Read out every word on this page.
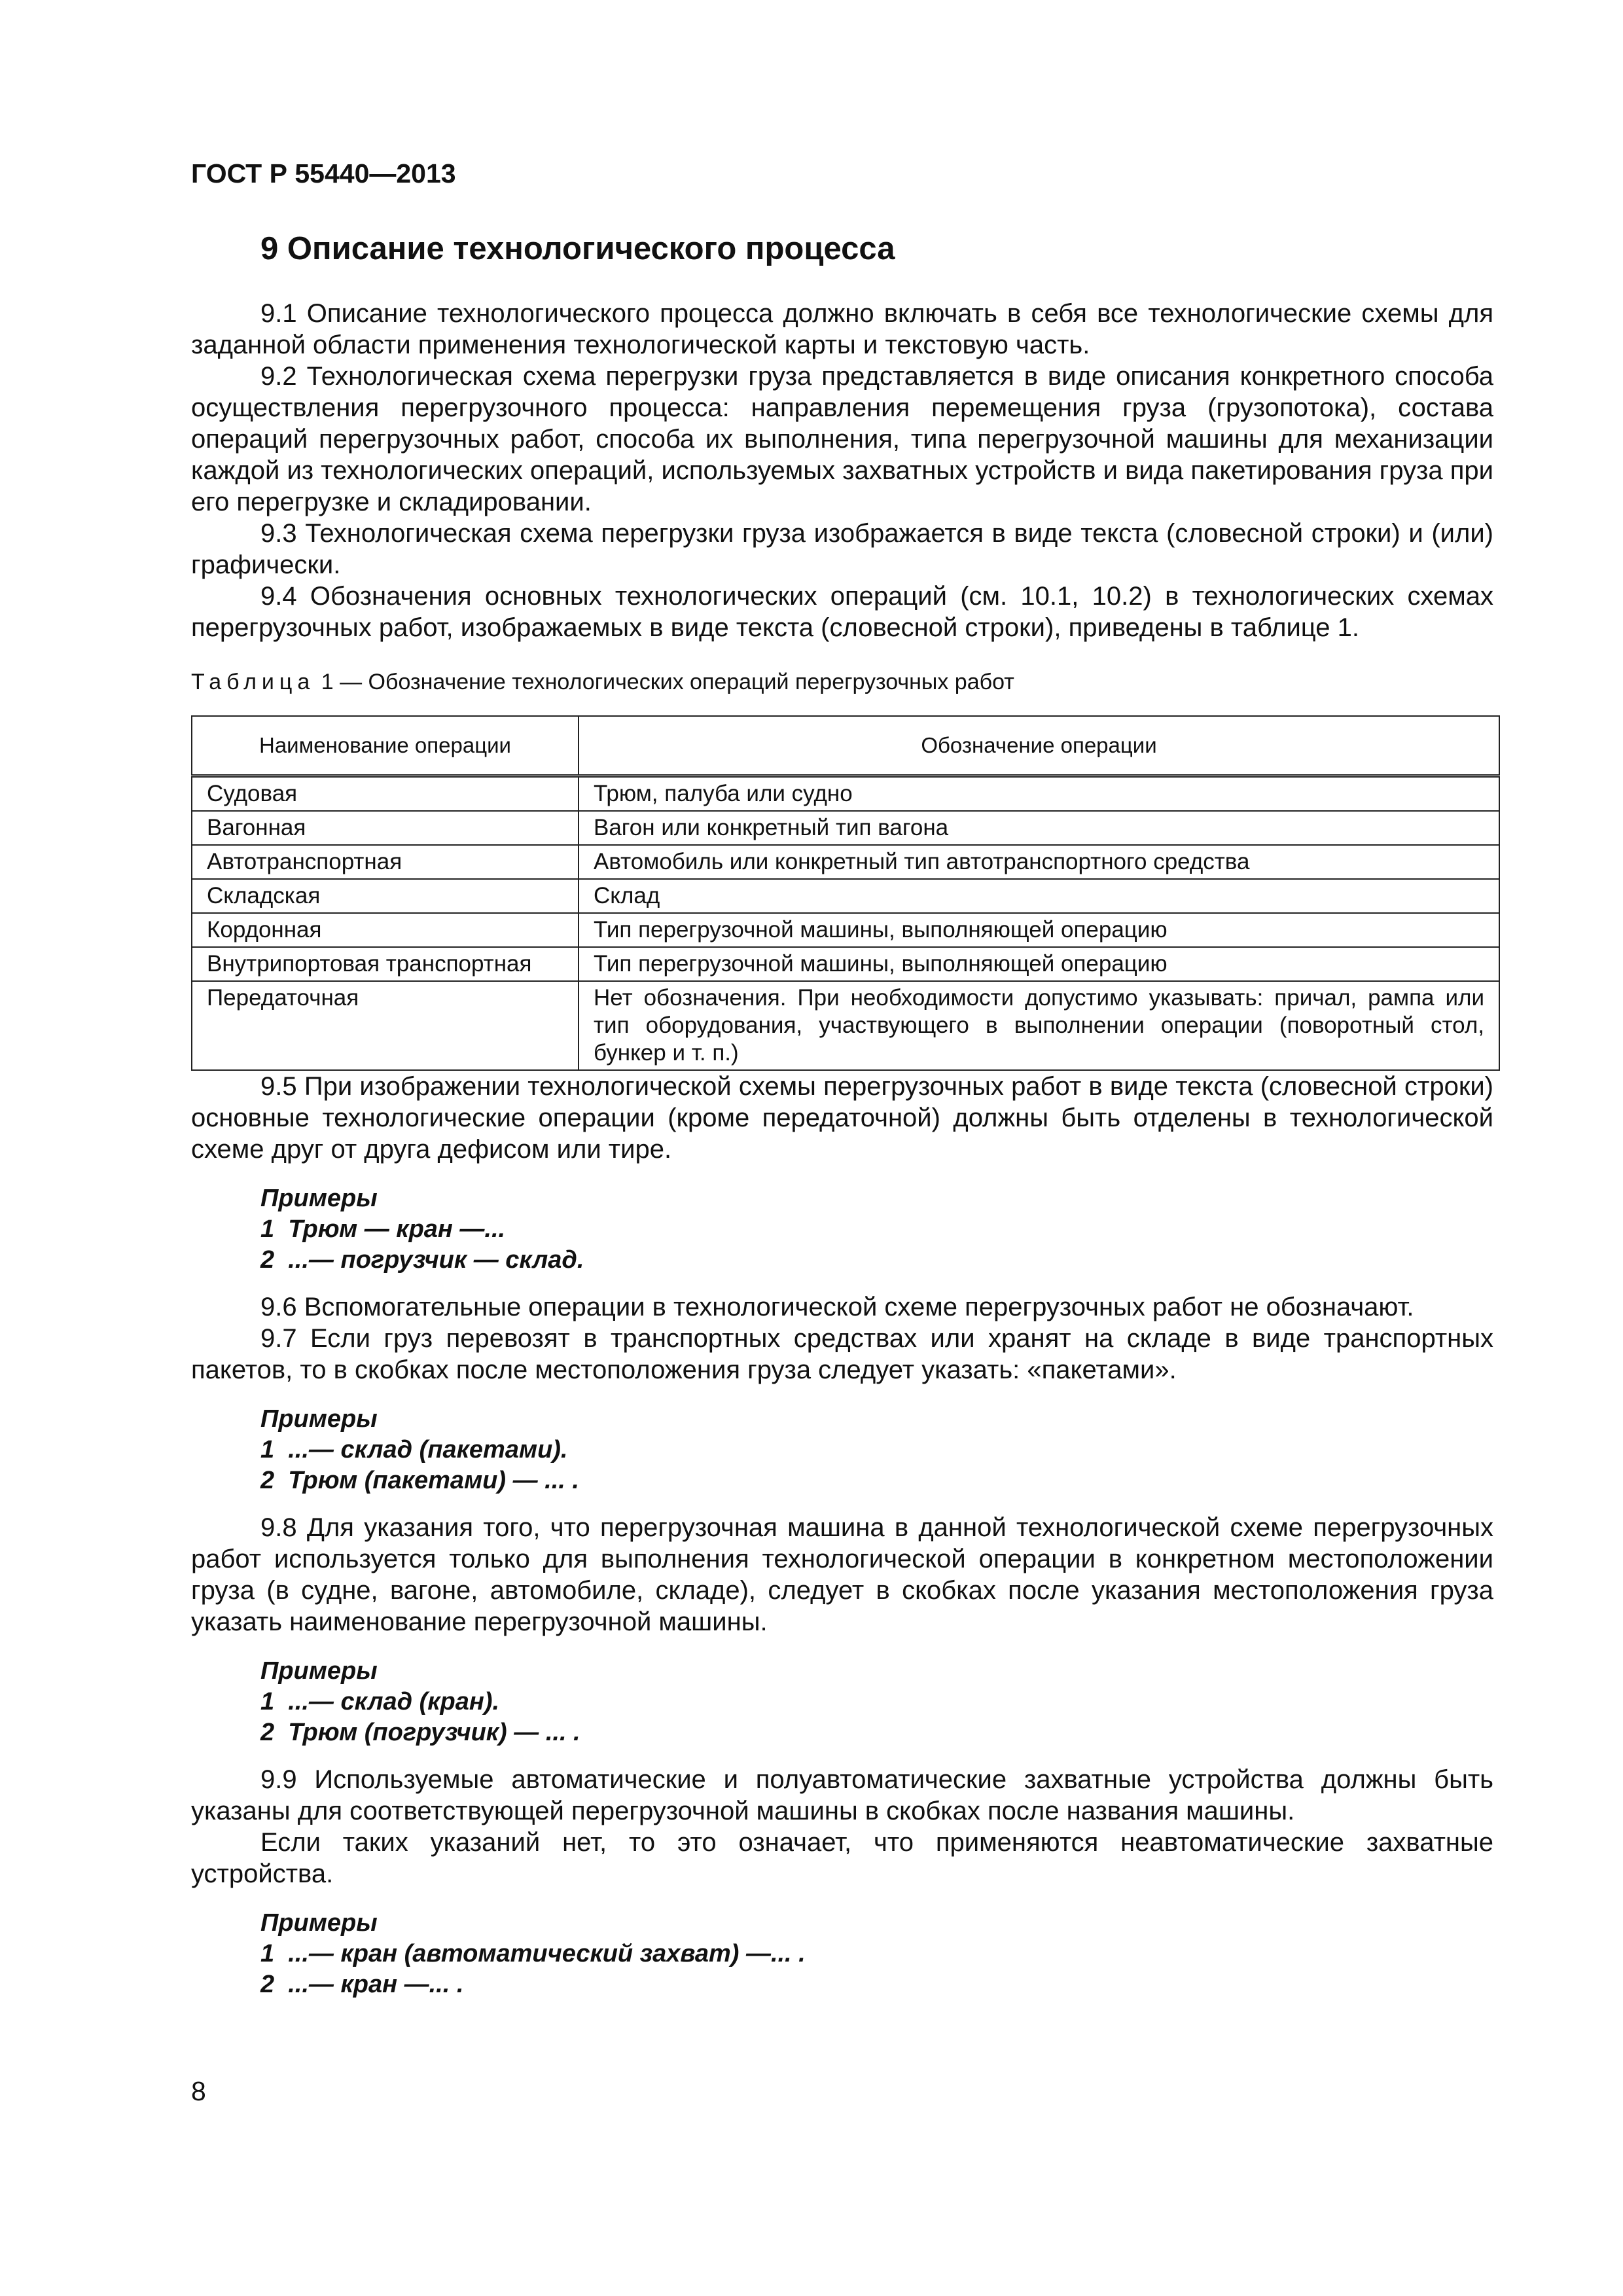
ГОСТ Р 55440—2013
9 Описание технологического процесса

9.1 Описание технологического процесса должно включать в себя все технологические схемы для заданной области применения технологической карты и текстовую часть.

9.2 Технологическая схема перегрузки груза представляется в виде описания конкретного способа осуществления перегрузочного процесса: направления перемещения груза (грузопотока), состава операций перегрузочных работ, способа их выполнения, типа перегрузочной машины для механизации каждой из технологических операций, используемых захватных устройств и вида пакетирования груза при его перегрузке и складировании.

9.3 Технологическая схема перегрузки груза изображается в виде текста (словесной строки) и (или) графически.

9.4 Обозначения основных технологических операций (см. 10.1, 10.2) в технологических схемах перегрузочных работ, изображаемых в виде текста (словесной строки), приведены в таблице 1.

Таблица 1 — Обозначение технологических операций перегрузочных работ
Наименование операции	Обозначение операции
Судовая	Трюм, палуба или судно
Вагонная	Вагон или конкретный тип вагона
Автотранспортная	Автомобиль или конкретный тип автотранспортного средства
Складская	Склад
Кордонная	Тип перегрузочной машины, выполняющей операцию
Внутрипортовая транспортная	Тип перегрузочной машины, выполняющей операцию
Передаточная	Нет обозначения. При необходимости допустимо указывать: причал, рампа или тип оборудования, участвующего в выполнении операции (поворотный стол, бункер и т. п.)

9.5 При изображении технологической схемы перегрузочных работ в виде текста (словесной строки) основные технологические операции (кроме передаточной) должны быть отделены в технологической схеме друг от друга дефисом или тире.

Примеры
1  Трюм — кран —...
2  ...— погрузчик — склад.

9.6 Вспомогательные операции в технологической схеме перегрузочных работ не обозначают.

9.7 Если груз перевозят в транспортных средствах или хранят на складе в виде транспортных пакетов, то в скобках после местоположения груза следует указать: «пакетами».

Примеры
1  ...— склад (пакетами).
2  Трюм (пакетами) — ... .

9.8 Для указания того, что перегрузочная машина в данной технологической схеме перегрузочных работ используется только для выполнения технологической операции в конкретном местоположении груза (в судне, вагоне, автомобиле, складе), следует в скобках после указания местоположения груза указать наименование перегрузочной машины.

Примеры
1  ...— склад (кран).
2  Трюм (погрузчик) — ... .

9.9 Используемые автоматические и полуавтоматические захватные устройства должны быть указаны для соответствующей перегрузочной машины в скобках после названия машины.

Если таких указаний нет, то это означает, что применяются неавтоматические захватные устройства.

Примеры
1  ...— кран (автоматический захват) —... .
2  ...— кран —... .
8
